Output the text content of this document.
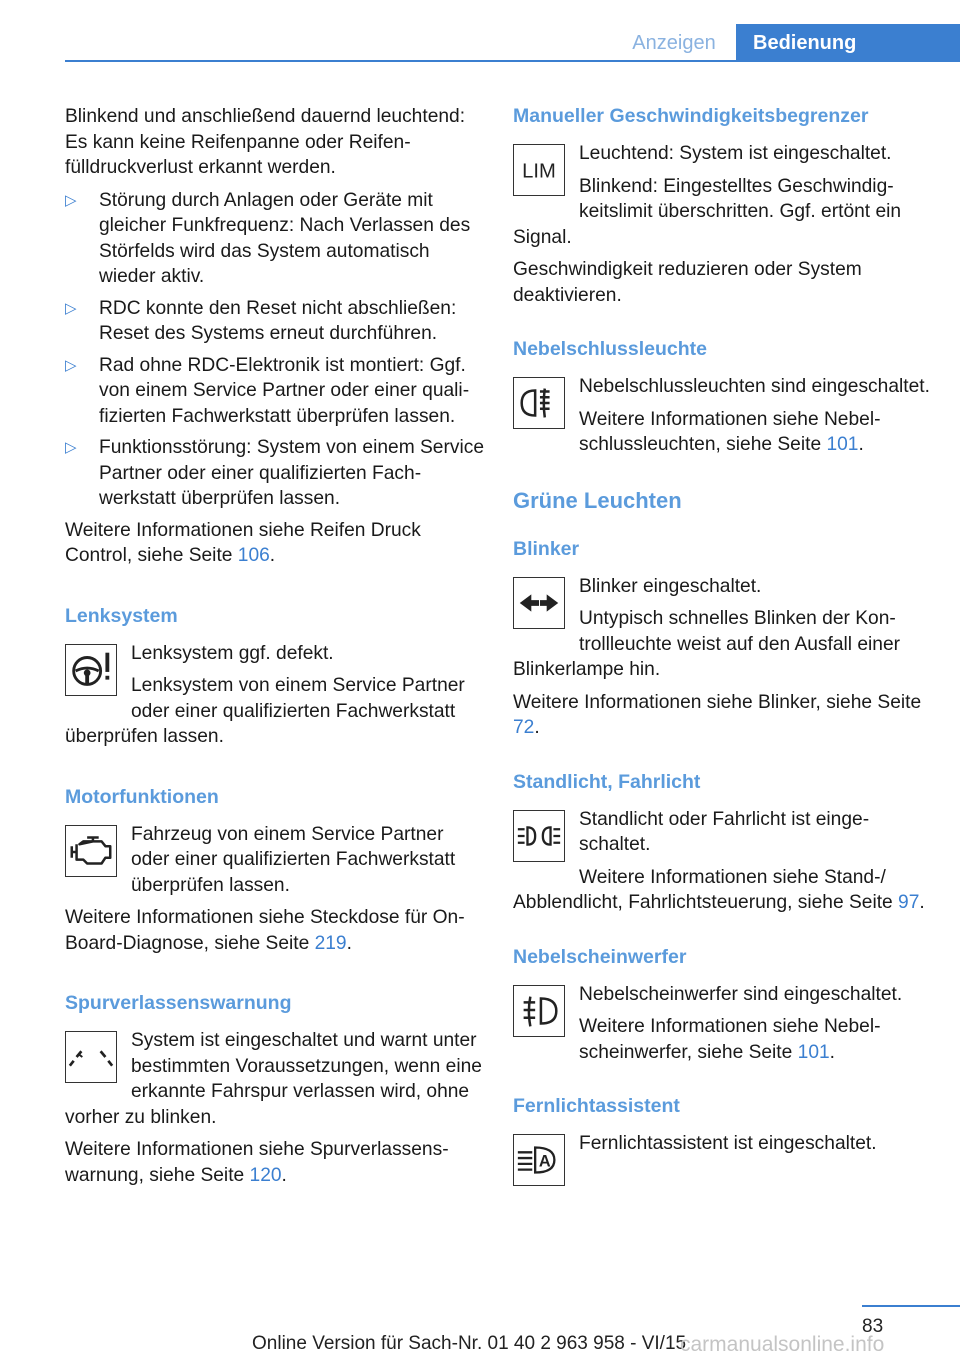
Anzeigen	Bedienung

Blinkend und anschließend dauernd leuchtend: Es kann keine Reifenpanne oder Reifenfülldruckverlust erkannt werden.

▷ Störung durch Anlagen oder Geräte mit gleicher Funkfrequenz: Nach Verlassen des Störfelds wird das System automatisch wieder aktiv.
▷ RDC konnte den Reset nicht abschließen: Reset des Systems erneut durchführen.
▷ Rad ohne RDC-Elektronik ist montiert: Ggf. von einem Service Partner oder einer qualifizierten Fachwerkstatt überprüfen lassen.
▷ Funktionsstörung: System von einem Service Partner oder einer qualifizierten Fachwerkstatt überprüfen lassen.

Weitere Informationen siehe Reifen Druck Control, siehe Seite 106.

Lenksystem

Lenksystem ggf. defekt.

Lenksystem von einem Service Partner oder einer qualifizierten Fachwerkstatt überprüfen lassen.

Motorfunktionen

Fahrzeug von einem Service Partner oder einer qualifizierten Fachwerkstatt überprüfen lassen.

Weitere Informationen siehe Steckdose für On-Board-Diagnose, siehe Seite 219.

Spurverlassenswarnung

System ist eingeschaltet und warnt unter bestimmten Voraussetzungen, wenn eine erkannte Fahrspur verlassen wird, ohne vorher zu blinken.

Weitere Informationen siehe Spurverlassenswarnung, siehe Seite 120.

Manueller Geschwindigkeitsbegrenzer
LIM

Leuchtend: System ist eingeschaltet.

Blinkend: Eingestelltes Geschwindigkeitslimit überschritten. Ggf. ertönt ein Signal.

Geschwindigkeit reduzieren oder System deaktivieren.

Nebelschlussleuchte

Nebelschlussleuchten sind eingeschaltet.

Weitere Informationen siehe Nebelschlussleuchten, siehe Seite 101.

Grüne Leuchten
Blinker

Blinker eingeschaltet.

Untypisch schnelles Blinken der Kontrollleuchte weist auf den Ausfall einer Blinkerlampe hin.

Weitere Informationen siehe Blinker, siehe Seite 72.

Standlicht, Fahrlicht

Standlicht oder Fahrlicht ist eingeschaltet.

Weitere Informationen siehe Stand-/ Abblendlicht, Fahrlichtsteuerung, siehe Seite 97.

Nebelscheinwerfer

Nebelscheinwerfer sind eingeschaltet.

Weitere Informationen siehe Nebelscheinwerfer, siehe Seite 101.

Fernlichtassistent
A

Fernlichtassistent ist eingeschaltet.

83
Online Version für Sach-Nr. 01 40 2 963 958 - VI/15
carmanualsonline.info
